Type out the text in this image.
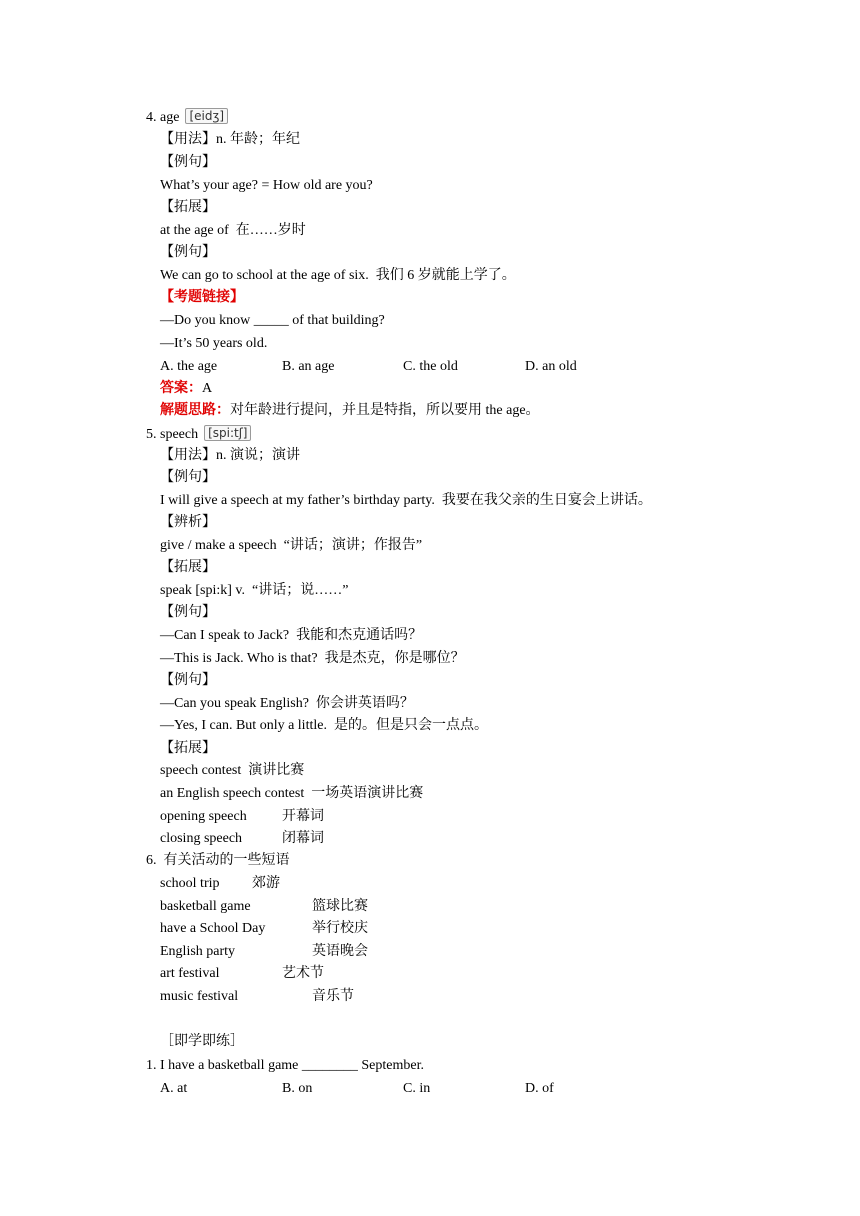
4. age [eidʒ]
【用法】n. 年龄；年纪
【例句】
What’s your age? = How old are you?
【拓展】
at the age of  在……岁时
【例句】
We can go to school at the age of six.  我们 6 岁就能上学了。
【考题链接】
—Do you know _____ of that building?
—It’s 50 years old.
A. the age	B. an age	C. the old	D. an old
答案：A
解题思路：对年龄进行提问，并且是特指，所以要用 the age。
5. speech [spi:tʃ]
【用法】n. 演说；演讲
【例句】
I will give a speech at my father’s birthday party.  我要在我父亲的生日宴会上讲话。
【辨析】
give / make a speech  “讲话；演讲；作报告”
【拓展】
speak [spi:k] v.  “讲话；说……”
【例句】
—Can I speak to Jack?  我能和杰克通话吗？
—This is Jack. Who is that?  我是杰克，你是哪位？
【例句】
—Can you speak English?  你会讲英语吗？
—Yes, I can. But only a little.  是的。但是只会一点点。
【拓展】
speech contest  演讲比赛
an English speech contest  一场英语演讲比赛
opening speech	开幕词
closing speech	闭幕词
6.  有关活动的一些短语
school trip 郊游
basketball game	篮球比赛
have a School Day	举行校庆
English party	英语晚会
art festival	艺术节
music festival	音乐节
［即学即练］
1. I have a basketball game ________ September.
A. at	B. on	C. in	D. of
